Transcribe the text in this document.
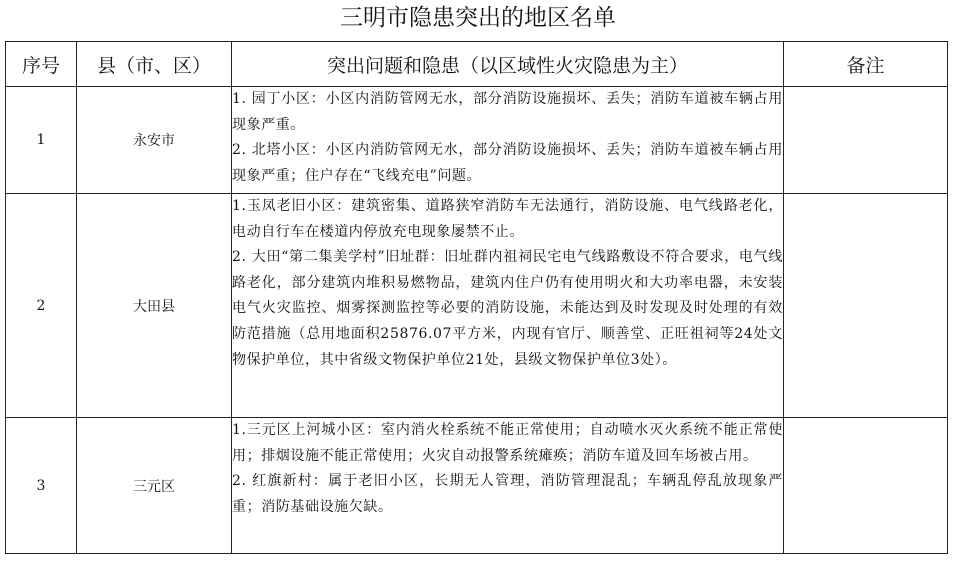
三明市隐患突出的地区名单
序号	县（市、区）	突出问题和隐患（以区域性火灾隐患为主）	备注
1	永安市	1. 园丁小区：小区内消防管网无水，部分消防设施损坏、丢失；消防车道被车辆占用现象严重。

2. 北塔小区：小区内消防管网无水，部分消防设施损坏、丢失；消防车道被车辆占用现象严重；住户存在“飞线充电”问题。	

2	大田县	1.玉凤老旧小区：建筑密集、道路狭窄消防车无法通行，消防设施、电气线路老化，电动自行车在楼道内停放充电现象屡禁不止。

2. 大田“第二集美学村”旧址群：旧址群内祖祠民宅电气线路敷设不符合要求，电气线路老化，部分建筑内堆积易燃物品，建筑内住户仍有使用明火和大功率电器，未安装电气火灾监控、烟雾探测监控等必要的消防设施，未能达到及时发现及时处理的有效防范措施（总用地面积25876.07平方米，内现有官厅、顺善堂、正旺祖祠等24处文物保护单位，其中省级文物保护单位21处，县级文物保护单位3处）。	

3	三元区	1.三元区上河城小区：室内消火栓系统不能正常使用；自动喷水灭火系统不能正常使用；排烟设施不能正常使用；火灾自动报警系统瘫痪；消防车道及回车场被占用。

2. 红旗新村：属于老旧小区，长期无人管理，消防管理混乱；车辆乱停乱放现象严重；消防基础设施欠缺。	
